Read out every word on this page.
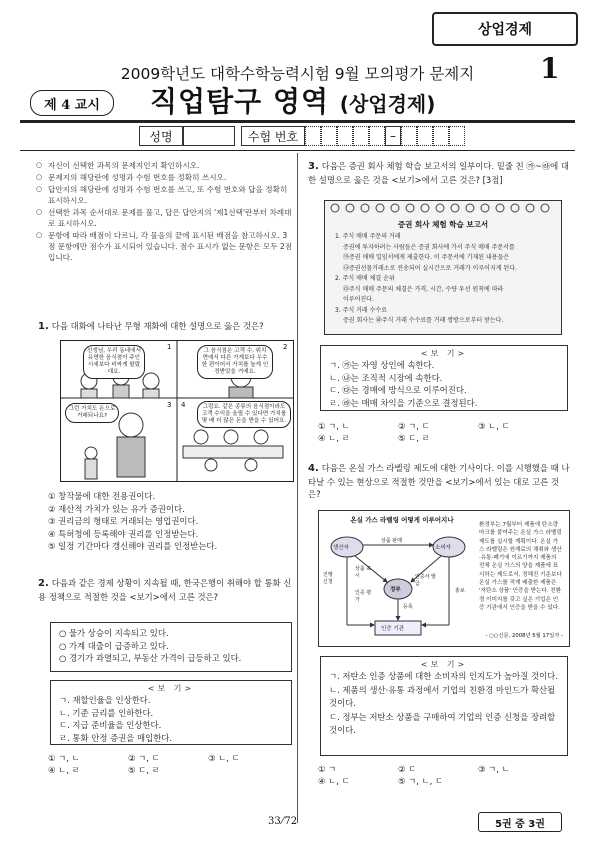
상업경제
2009학년도 대학수학능력시험 9월 모의평가 문제지	1
제 4 교시	직업탐구 영역 (상업경제)
성명	수험 번호	–
○ 자신이 선택한 과목의 문제지인지 확인하시오.
○ 문제지의 해당란에 성명과 수험 번호를 정확히 쓰시오.
○ 답안지의 해당란에 성명과 수험 번호를 쓰고, 또 수험 번호와 답을 정확히 표시하시오.
○ 선택한 과목 순서대로 문제를 풀고, 답은 답안지의 '제1선택'란부터 차례대로 표시하시오.
○ 문항에 따라 배점이 다르니, 각 물음의 끝에 표시된 배점을 참고하시오. 3점 문항에만 점수가 표시되어 있습니다. 점수 표시가 없는 문항은 모두 2점입니다.
1. 다음 대화에 나타난 무형 재화에 대한 설명으로 옳은 것은?
선생님, 우리 동네에서 유명한 음식점이 주인 시세보다 비싸게 팔렸대요.
그 음식점은 고객 수, 위치 면에서 다른 가게보다 우수한 편이어서 가치를 높게 인정받았을 거예요.
그런 가치도 돈으로 거래되나요?
그럼요. 같은 종류의 음식점이라도 고객 수익을 올릴 수 있다면 가치를 몇 배 더 많은 돈을 받을 수 있어요.
1	2
3 4
① 창작물에 대한 전용권이다.
② 재산적 가치가 있는 유가 증권이다.
③ 권리금의 형태로 거래되는 영업권이다.
④ 특허청에 등록해야 권리를 인정받는다.
⑤ 일정 기간마다 갱신해야 권리를 인정받는다.
2. 다음과 같은 경제 상황이 지속될 때, 한국은행이 취해야 할 통화 신용 정책으로 적절한 것을 <보기>에서 고른 것은?
○ 물가 상승이 지속되고 있다.
○ 가계 대출이 급증하고 있다.
○ 경기가 과열되고, 부동산 가격이 급등하고 있다.
<보 기>
ㄱ. 재할인율을 인상한다.
ㄴ. 기준 금리를 인하한다.
ㄷ. 지급 준비율을 인상한다.
ㄹ. 통화 안정 증권을 매입한다.
① ㄱ, ㄴ	② ㄱ, ㄷ	③ ㄴ, ㄷ
④ ㄴ, ㄹ	⑤ ㄷ, ㄹ
3. 다음은 증권 회사 체험 학습 보고서의 일부이다. 밑줄 친 ㉮~㉱에 대한 설명으로 옳은 것을 <보기>에서 고른 것은? [3점]
증권 회사 체험 학습 보고서
1. 주식 매매 주문의 거래
증권에 투자하려는 사람들은 증권 회사에 가서 주식 매매 주문서를
㉮증권 매매 일임서에게 제출한다. 이 주문서에 기재된 내용들은
㉯증권선물거래소로 전송되어 실시간으로 거래가 이루어지게 된다.
2. 주식 매매 체결 순위
㉰주식 매매 주문의 체결은 가격, 시간, 수량 우선 원칙에 따라
이루어진다.
3. 주식 거래 수수료
증권 회사는 ㉱주식 거래 수수료를 거래 쌍방으로부터 받는다.
<보 기>
ㄱ. ㉮는 자영 상인에 속한다.
ㄴ. ㉯는 조직적 시장에 속한다.
ㄷ. ㉰는 경매에 방식으로 이루어진다.
ㄹ. ㉱는 매매 차익을 기준으로 결정된다.
① ㄱ, ㄴ	② ㄱ, ㄷ	③ ㄴ, ㄷ
④ ㄴ, ㄹ	⑤ ㄷ, ㄹ
4. 다음은 온실 가스 라벨링 제도에 대한 기사이다. 이를 시행했을 때 나타날 수 있는 현상으로 적절한 것만을 <보기>에서 있는 대로 고른 것은?
온실 가스 라벨링 어떻게 이루어지나
생산자	소비자
정부
인증 기관
상품 판매
진행 신청
상품 표시
인증 평가
등록
인증서 발급
홍보
환경부는 7월부터 제품에 탄소량 마크를 붙여주는 온실 가스 라벨링 제도를 실시할 계획이다. 온실 가스 라벨링은 원재료의 채취와 생산·유통·폐기에 이르기까지 제품의 전체 온실 가스의 양을 제품에 표시하는 제도로서, 정해진 기준보다 온실 가스를 적게 배출한 제품은 '저탄소 상품' 인증을 받는다. 친환경 이미지를 갖고 싶은 기업은 인증 기관에서 인증을 받을 수 있다.
- ○○신문, 2008년 5월 17일자 -
<보 기>
ㄱ. 저탄소 인증 상품에 대한 소비자의 인지도가 높아질 것이다.
ㄴ. 제품의 생산·유통 과정에서 기업의 친환경 마인드가 확산될 것이다.
ㄷ. 정부는 저탄소 상품을 구매하여 기업의 인증 신청을 장려할 것이다.
① ㄱ	② ㄷ	③ ㄱ, ㄴ
④ ㄴ, ㄷ	⑤ ㄱ, ㄴ, ㄷ
33⁄72	5권 중 3권
